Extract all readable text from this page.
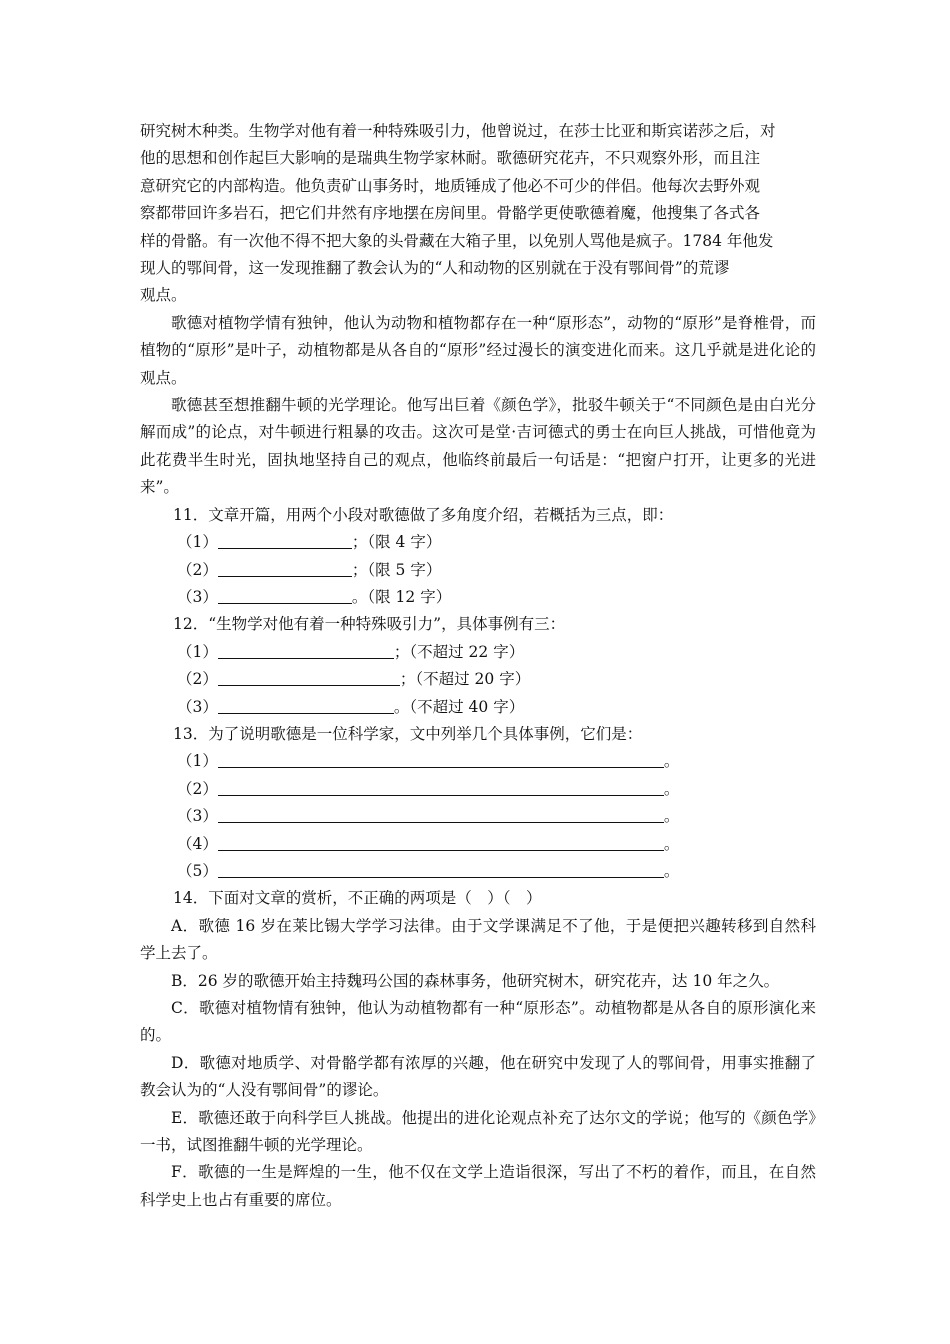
研究树木种类。生物学对他有着一种特殊吸引力，他曾说过，在莎士比亚和斯宾诺莎之后，对

他的思想和创作起巨大影响的是瑞典生物学家林耐。歌德研究花卉，不只观察外形，而且注

意研究它的内部构造。他负责矿山事务时，地质锤成了他必不可少的伴侣。他每次去野外观

察都带回许多岩石，把它们井然有序地摆在房间里。骨骼学更使歌德着魔，他搜集了各式各

样的骨骼。有一次他不得不把大象的头骨藏在大箱子里，以免别人骂他是疯子。1784 年他发

现人的鄂间骨，这一发现推翻了教会认为的“人和动物的区别就在于没有鄂间骨”的荒谬

观点。

歌德对植物学情有独钟，他认为动物和植物都存在一种“原形态”，动物的“原形”是脊椎骨，而植物的“原形”是叶子，动植物都是从各自的“原形”经过漫长的演变进化而来。这几乎就是进化论的观点。

歌德甚至想推翻牛顿的光学理论。他写出巨着《颜色学》，批驳牛顿关于“不同颜色是由白光分解而成”的论点，对牛顿进行粗暴的攻击。这次可是堂·吉诃德式的勇士在向巨人挑战，可惜他竟为此花费半生时光，固执地坚持自己的观点，他临终前最后一句话是：“把窗户打开，让更多的光进来”。

11．文章开篇，用两个小段对歌德做了多角度介绍，若概括为三点，即：

（1）	；（限 4 字）
（2）	；（限 5 字）
（3）	。（限 12 字）

12．“生物学对他有着一种特殊吸引力”，具体事例有三：

（1）	；（不超过 22 字）
（2）	；（不超过 20 字）
（3）	。（不超过 40 字）

13．为了说明歌德是一位科学家，文中列举几个具体事例，它们是：

（1）	。
（2）	。
（3）	。
（4）	。
（5）	。

14．下面对文章的赏析，不正确的两项是（　）（　）

A．歌德 16 岁在莱比锡大学学习法律。由于文学课满足不了他，于是便把兴趣转移到自然科学上去了。

B．26 岁的歌德开始主持魏玛公国的森林事务，他研究树木，研究花卉，达 10 年之久。

C．歌德对植物情有独钟，他认为动植物都有一种“原形态”。动植物都是从各自的原形演化来的。

D．歌德对地质学、对骨骼学都有浓厚的兴趣，他在研究中发现了人的鄂间骨，用事实推翻了教会认为的“人没有鄂间骨”的谬论。

E．歌德还敢于向科学巨人挑战。他提出的进化论观点补充了达尔文的学说；他写的《颜色学》一书，试图推翻牛顿的光学理论。

F．歌德的一生是辉煌的一生，他不仅在文学上造诣很深，写出了不朽的着作，而且，在自然科学史上也占有重要的席位。
